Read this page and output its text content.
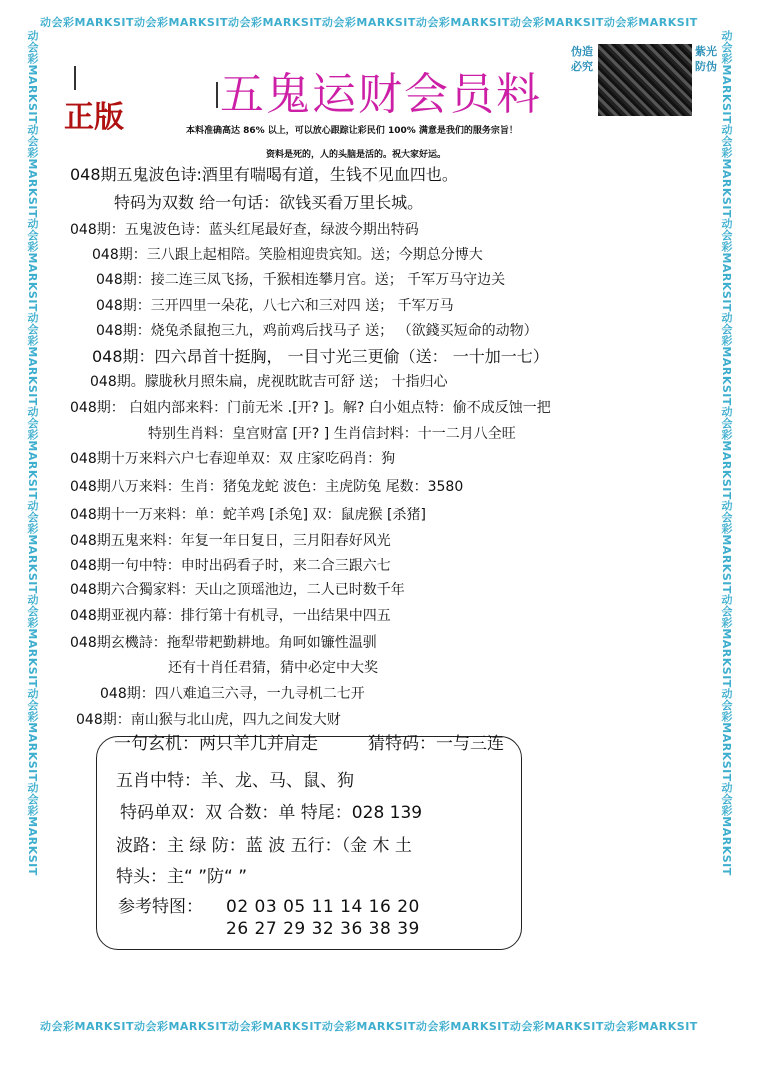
动会彩MARKSIT动会彩MARKSIT动会彩MARKSIT动会彩MARKSIT动会彩MARKSIT动会彩MARKSIT动会彩MARKSIT
动会彩MARKSIT动会彩MARKSIT动会彩MARKSIT动会彩MARKSIT动会彩MARKSIT动会彩MARKSIT动会彩MARKSIT
动会彩MARKSIT动会彩MARKSIT动会彩MARKSIT动会彩MARKSIT动会彩MARKSIT动会彩MARKSIT动会彩MARKSIT动会彩MARKSIT动会彩MARKSIT	动会彩MARKSIT动会彩MARKSIT动会彩MARKSIT动会彩MARKSIT动会彩MARKSIT动会彩MARKSIT动会彩MARKSIT动会彩MARKSIT动会彩MARKSIT
五鬼运财会员料
正版
伪造必究
紫光防伪
本料准确高达 86% 以上，可以放心跟踪让彩民们 100% 满意是我们的服务宗旨！
资料是死的，人的头脑是活的。祝大家好运。
048期五鬼波色诗:酒里有喘喝有道，生钱不见血四也。
特码为双数 给一句话：欲钱买看万里长城。
048期：五鬼波色诗：蓝头红尾最好查，绿波今期出特码
048期：三八跟上起相陪。笑脸相迎贵宾知。送；今期总分博大
048期：接二连三凤飞扬，千猴相连攀月宫。送； 千军万马守边关
048期：三开四里一朵花，八七六和三对四 送； 千军万马
048期：烧兔杀鼠抱三九，鸡前鸡后找马子 送； （欲錢买短命的动物）
048期：四六昂首十挺胸， 一目寸光三更偷（送： 一十加一七）
048期。朦胧秋月照朱扁，虎视眈眈吉可舒 送； 十指归心
048期： 白姐内部来料：门前无米 .[开? ]。解? 白小姐点特：偷不成反蚀一把
特别生肖料：皇宫财富 [开? ] 生肖信封料：十一二月八全旺
048期十万来料六户七春迎单双：双 庄家吃码肖：狗
048期八万来料：生肖：猪兔龙蛇 波色：主虎防兔 尾数：3580
048期十一万来料：单：蛇羊鸡 [杀兔] 双：鼠虎猴 [杀猪]
048期五鬼来料：年复一年日复日，三月阳春好风光
048期一句中特：申时出码看子时，来二合三跟六七
048期六合獨家料：天山之顶瑶池边，二人已时数千年
048期亚视内幕：排行第十有机寻，一出结果中四五
048期玄機詩：拖犁带耙勤耕地。角呵如镰性温驯
还有十肖任君猜，猜中必定中大奖
048期：四八难追三六寻，一九寻机二七开
048期：南山猴与北山虎，四九之间发大财
一句玄机：两只羊儿并肩走	猜特码：一与三连
五肖中特：羊、龙、马、鼠、狗
特码单双：双 合数：单 特尾：028 139
波路：主 绿 防：蓝 波 五行：（金 木 土
特头：主“ ”防“ ”
参考特图： 02 03 05 11 14 16 20
26 27 29 32 36 38 39
